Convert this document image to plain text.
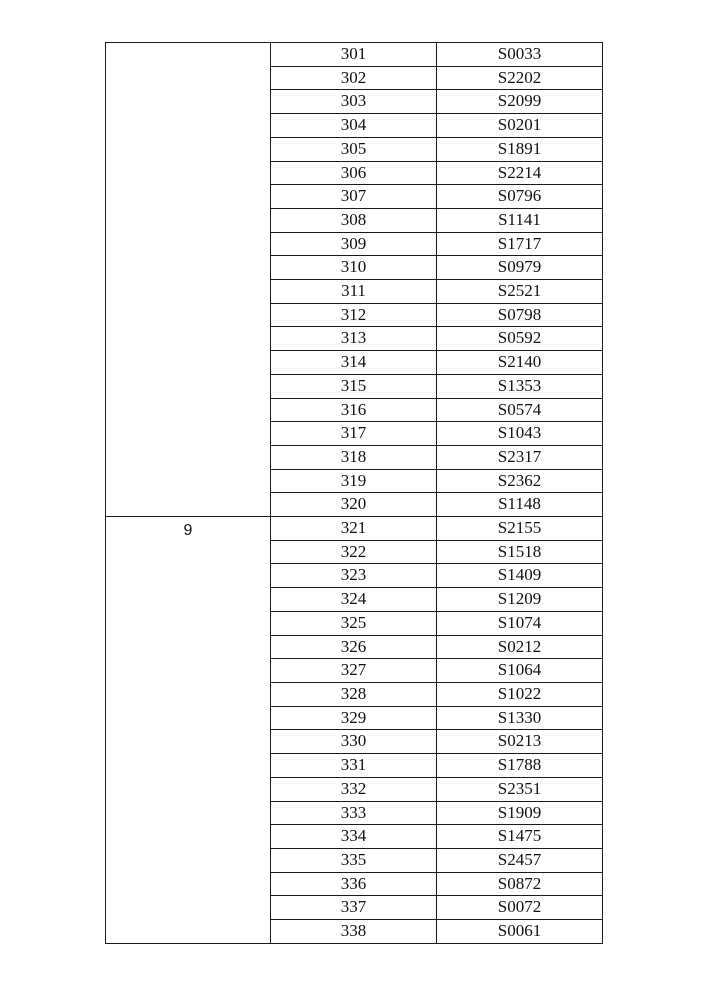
	301	S0033
	302	S2202
	303	S2099
	304	S0201
	305	S1891
	306	S2214
	307	S0796
	308	S1141
	309	S1717
	310	S0979
	311	S2521
	312	S0798
	313	S0592
	314	S2140
	315	S1353
	316	S0574
	317	S1043
	318	S2317
	319	S2362
	320	S1148

9	321	S2155
	322	S1518
	323	S1409
	324	S1209
	325	S1074
	326	S0212
	327	S1064
	328	S1022
	329	S1330
	330	S0213
	331	S1788
	332	S2351
	333	S1909
	334	S1475
	335	S2457
	336	S0872
	337	S0072
	338	S0061
